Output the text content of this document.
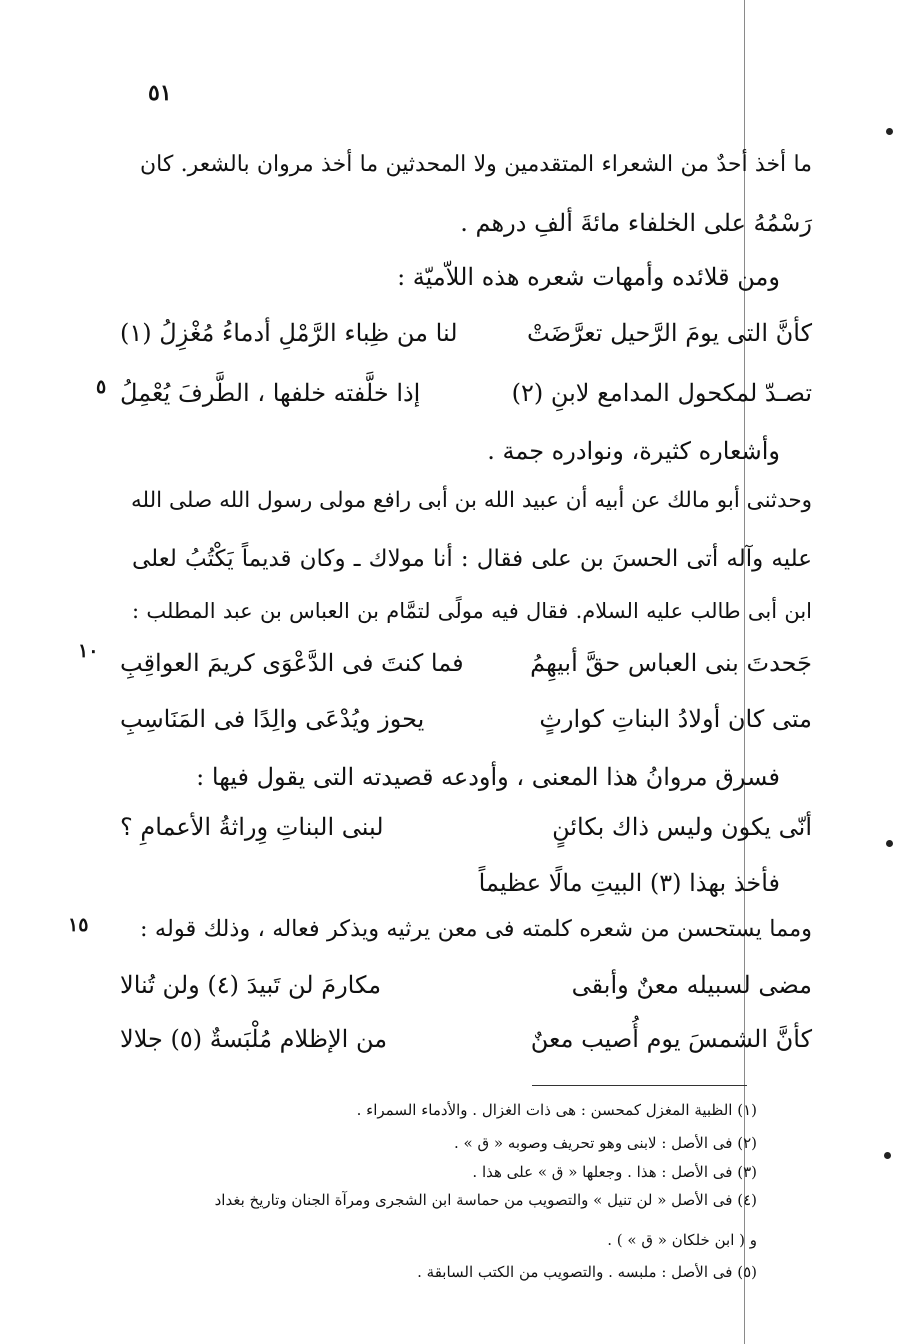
٥١
ما أخذ أحدٌ من الشعراء المتقدمين ولا المحدثين ما أخذ مروان بالشعر. كان
رَسْمُهُ على الخلفاء مائةَ ألفِ درهم .
ومن قلائده وأمهات شعره هذه اللاّميّة :
كأنَّ التى يومَ الرَّحيل تعرَّضَتْ
لنا من ظِباء الرَّمْلِ أدماءُ مُغْزِلُ (١)
تصـدّ لمكحول المدامع لابنِ (٢)
إذا خلَّفته خلفها ، الطَّرفَ يُعْمِلُ
٥
وأشعاره كثيرة، ونوادره جمة .
وحدثنى أبو مالك عن أبيه أن عبيد الله بن أبى رافع مولى رسول الله صلى الله
عليه وآله أتى الحسنَ بن على فقال : أنا مولاك ـ وكان قديماً يَكْتُبُ لعلى
ابن أبى طالب عليه السلام. فقال فيه مولًى لتمَّام بن العباس بن عبد المطلب :
جَحدتَ بنى العباس حقَّ أبيهِمُ
فما كنتَ فى الدَّعْوَى كريمَ العواقِبِ
١٠
متى كان أولادُ البناتِ كوارثٍ
يحوز ويُدْعَى والِدًا فى المَنَاسِبِ
فسرق مروانُ هذا المعنى ، وأودعه قصيدته التى يقول فيها :
أنّى يكون وليس ذاك بكائنٍ
لبنى البناتِ وِراثةُ الأعمامِ ؟
فأخذ بهذا (٣) البيتِ مالًا عظيماً
ومما يستحسن من شعره كلمته فى معن يرثيه ويذكر فعاله ، وذلك قوله :
١٥
مضى لسبيله معنٌ وأبقى
مكارمَ لن تَبيدَ (٤) ولن تُنالا
كأنَّ الشمسَ يوم أُصيب معنٌ
من الإظلام مُلْبَسةٌ (٥) جلالا
(١) الظبية المغزل كمحسن : هى ذات الغزال . والأدماء السمراء .
(٢) فى الأصل : لابنى وهو تحريف وصوبه « ق » .
(٣) فى الأصل : هذا . وجعلها « ق » على هذا .
(٤) فى الأصل « لن تنيل » والتصويب من حماسة ابن الشجرى ومرآة الجنان وتاريخ بغداد
و ( ابن خلكان « ق » ) .
(٥) فى الأصل : ملبسه . والتصويب من الكتب السابقة .
